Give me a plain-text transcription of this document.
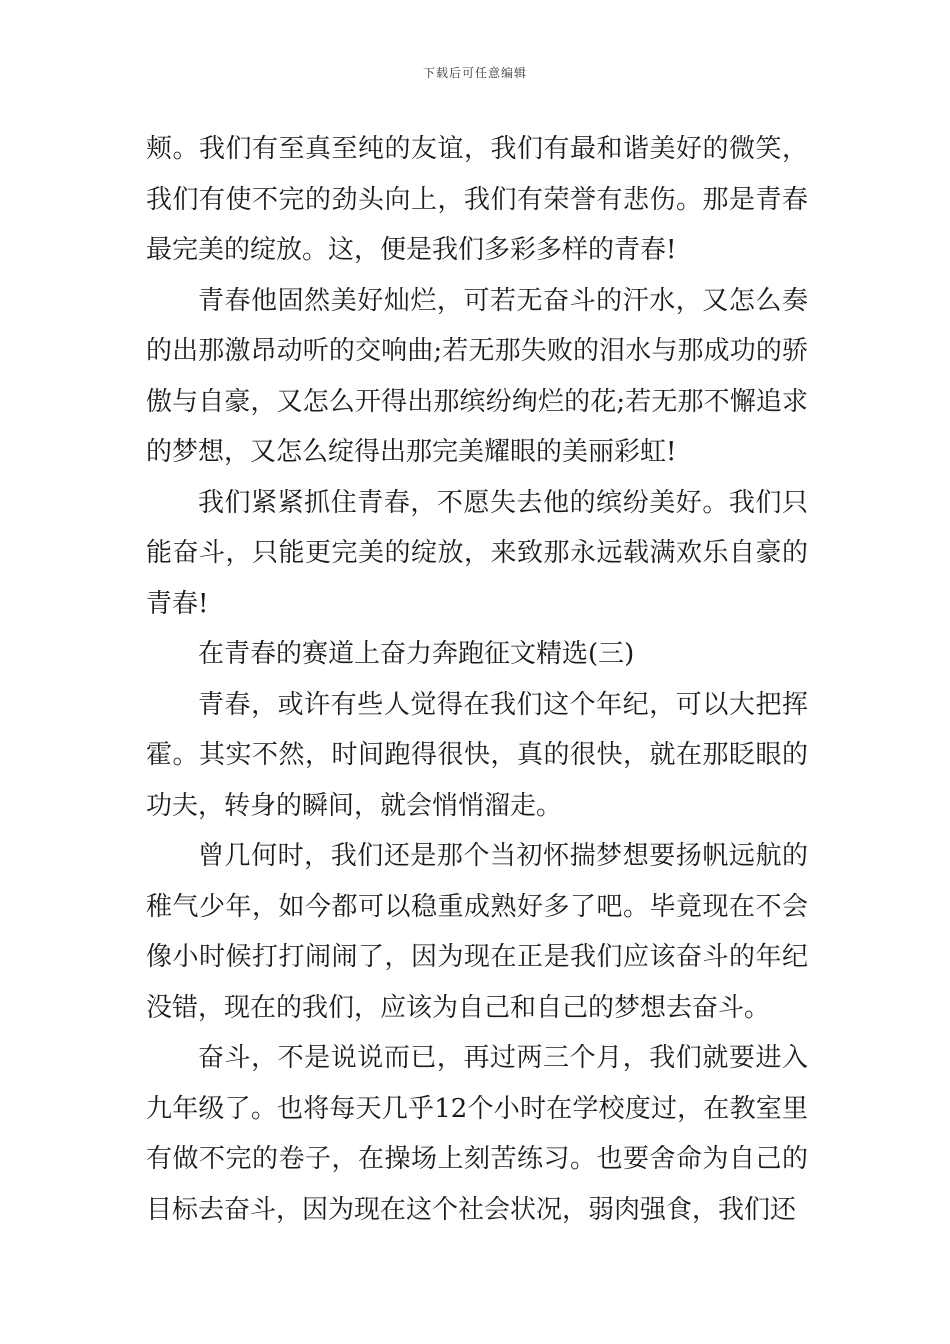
下载后可任意编辑

颊。我们有至真至纯的友谊，我们有最和谐美好的微笑，我们有使不完的劲头向上，我们有荣誉有悲伤。那是青春最完美的绽放。这，便是我们多彩多样的青春!

青春他固然美好灿烂，可若无奋斗的汗水，又怎么奏的出那激昂动听的交响曲;若无那失败的泪水与那成功的骄傲与自豪，又怎么开得出那缤纷绚烂的花;若无那不懈追求的梦想，又怎么绽得出那完美耀眼的美丽彩虹!

我们紧紧抓住青春，不愿失去他的缤纷美好。我们只能奋斗，只能更完美的绽放，来致那永远载满欢乐自豪的青春!

在青春的赛道上奋力奔跑征文精选(三)

青春，或许有些人觉得在我们这个年纪，可以大把挥霍。其实不然，时间跑得很快，真的很快，就在那眨眼的功夫，转身的瞬间，就会悄悄溜走。

曾几何时，我们还是那个当初怀揣梦想要扬帆远航的稚气少年，如今都可以稳重成熟好多了吧。毕竟现在不会像小时候打打闹闹了，因为现在正是我们应该奋斗的年纪没错，现在的我们，应该为自己和自己的梦想去奋斗。

奋斗，不是说说而已，再过两三个月，我们就要进入九年级了。也将每天几乎12个小时在学校度过，在教室里有做不完的卷子，在操场上刻苦练习。也要舍命为自己的目标去奋斗，因为现在这个社会状况，弱肉强食，我们还
